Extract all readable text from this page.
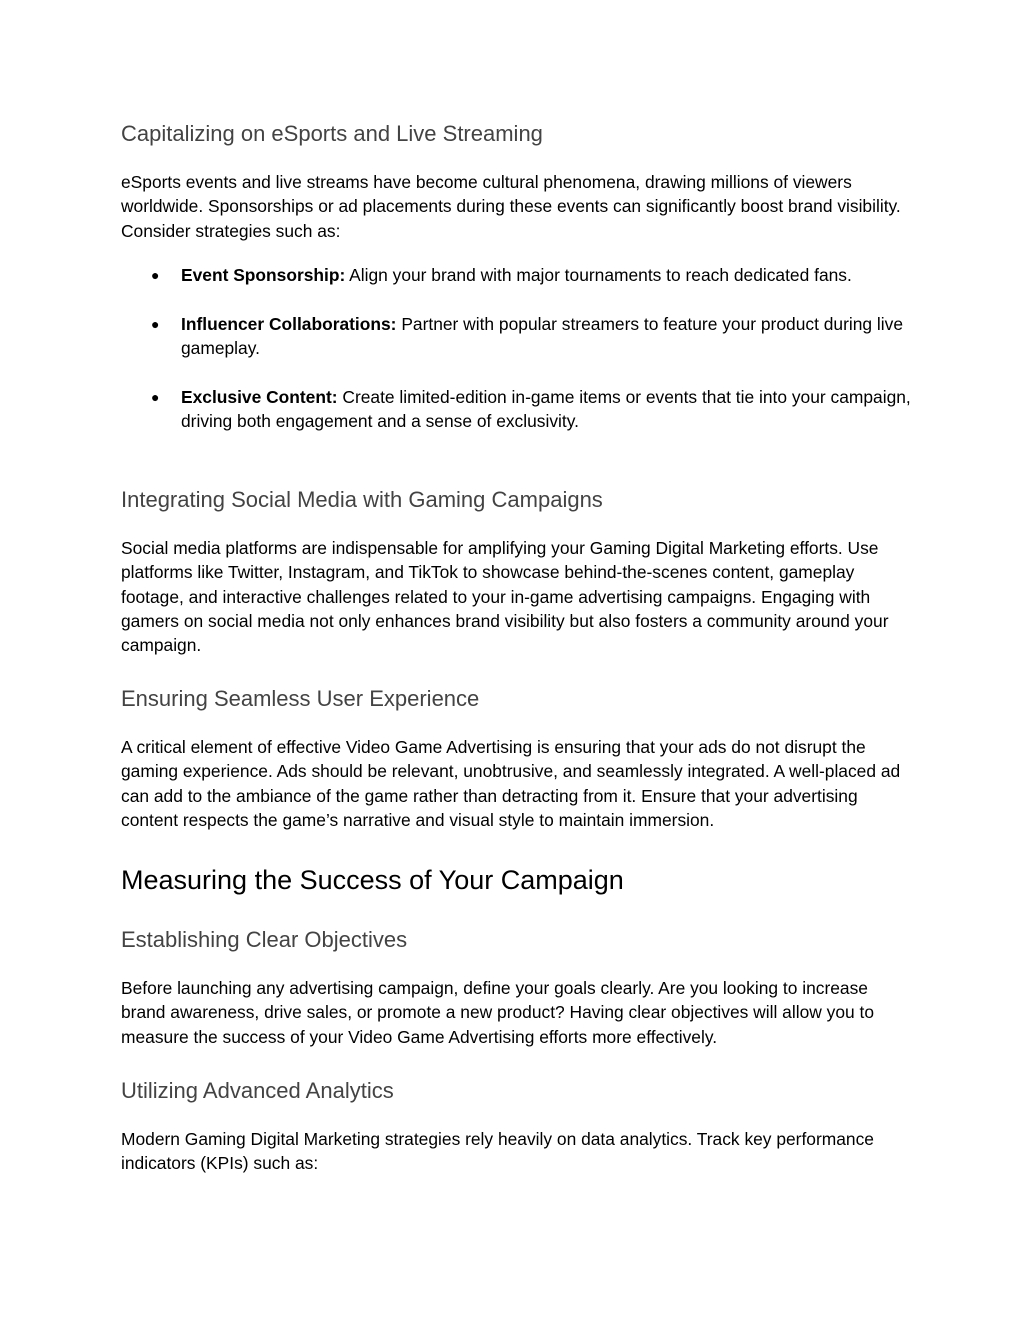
Capitalizing on eSports and Live Streaming

eSports events and live streams have become cultural phenomena, drawing millions of viewers worldwide. Sponsorships or ad placements during these events can significantly boost brand visibility. Consider strategies such as:

● Event Sponsorship: Align your brand with major tournaments to reach dedicated fans.
● Influencer Collaborations: Partner with popular streamers to feature your product during live gameplay.
● Exclusive Content: Create limited-edition in-game items or events that tie into your campaign, driving both engagement and a sense of exclusivity.
Integrating Social Media with Gaming Campaigns

Social media platforms are indispensable for amplifying your Gaming Digital Marketing efforts. Use platforms like Twitter, Instagram, and TikTok to showcase behind-the-scenes content, gameplay footage, and interactive challenges related to your in-game advertising campaigns. Engaging with gamers on social media not only enhances brand visibility but also fosters a community around your campaign.

Ensuring Seamless User Experience

A critical element of effective Video Game Advertising is ensuring that your ads do not disrupt the gaming experience. Ads should be relevant, unobtrusive, and seamlessly integrated. A well-placed ad can add to the ambiance of the game rather than detracting from it. Ensure that your advertising content respects the game’s narrative and visual style to maintain immersion.

Measuring the Success of Your Campaign
Establishing Clear Objectives

Before launching any advertising campaign, define your goals clearly. Are you looking to increase brand awareness, drive sales, or promote a new product? Having clear objectives will allow you to measure the success of your Video Game Advertising efforts more effectively.

Utilizing Advanced Analytics

Modern Gaming Digital Marketing strategies rely heavily on data analytics. Track key performance indicators (KPIs) such as:
